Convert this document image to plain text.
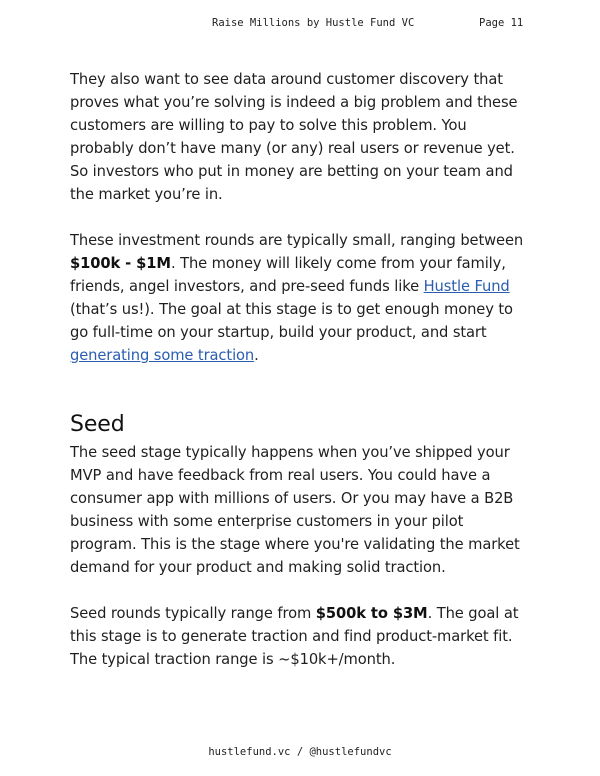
Raise Millions by Hustle Fund VC	Page 11

They also want to see data around customer discovery that proves what you’re solving is indeed a big problem and these customers are willing to pay to solve this problem. You probably don’t have many (or any) real users or revenue yet. So investors who put in money are betting on your team and the market you’re in.

These investment rounds are typically small, ranging between $100k - $1M. The money will likely come from your family, friends, angel investors, and pre-seed funds like Hustle Fund (that’s us!). The goal at this stage is to get enough money to go full-time on your startup, build your product, and start generating some traction.

Seed

The seed stage typically happens when you’ve shipped your MVP and have feedback from real users. You could have a consumer app with millions of users. Or you may have a B2B business with some enterprise customers in your pilot program. This is the stage where you're validating the market demand for your product and making solid traction.

Seed rounds typically range from $500k to $3M. The goal at this stage is to generate traction and find product-market fit. The typical traction range is ~$10k+/month.

hustlefund.vc / @hustlefundvc
